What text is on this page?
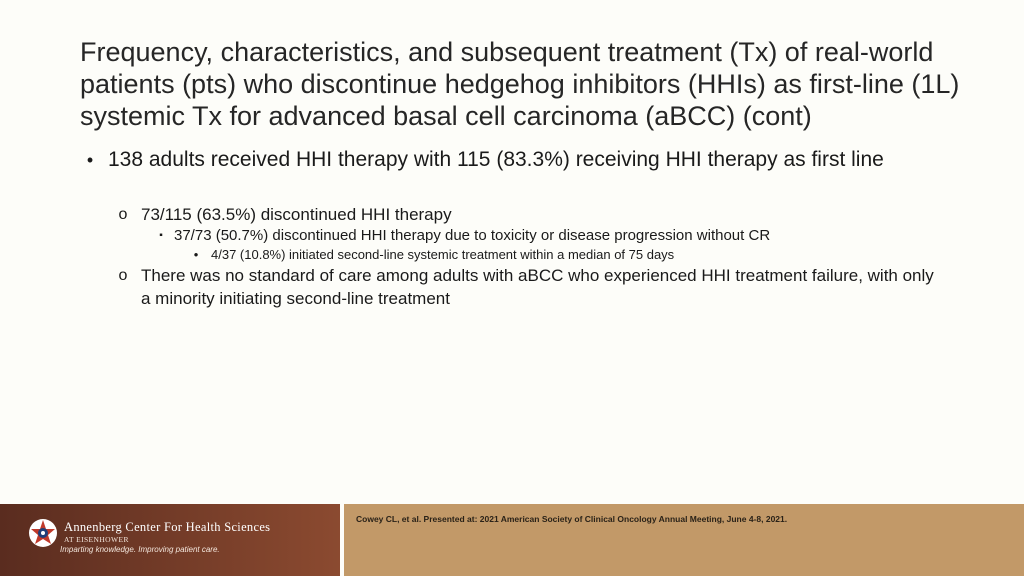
Frequency, characteristics, and subsequent treatment (Tx) of real-world patients (pts) who discontinue hedgehog inhibitors (HHIs) as first-line (1L) systemic Tx for advanced basal cell carcinoma (aBCC) (cont)
• 138 adults received HHI therapy with 115 (83.3%) receiving HHI therapy as first line
o 73/115 (63.5%) discontinued HHI therapy
▪ 37/73 (50.7%) discontinued HHI therapy due to toxicity or disease progression without CR
• 4/37 (10.8%) initiated second-line systemic treatment within a median of 75 days
o There was no standard of care among adults with aBCC who experienced HHI treatment failure, with only a minority initiating second-line treatment
Annenberg Center For Health Sciences
AT EISENHOWER
Imparting knowledge. Improving patient care.
Cowey CL, et al. Presented at: 2021 American Society of Clinical Oncology Annual Meeting, June 4-8, 2021.
